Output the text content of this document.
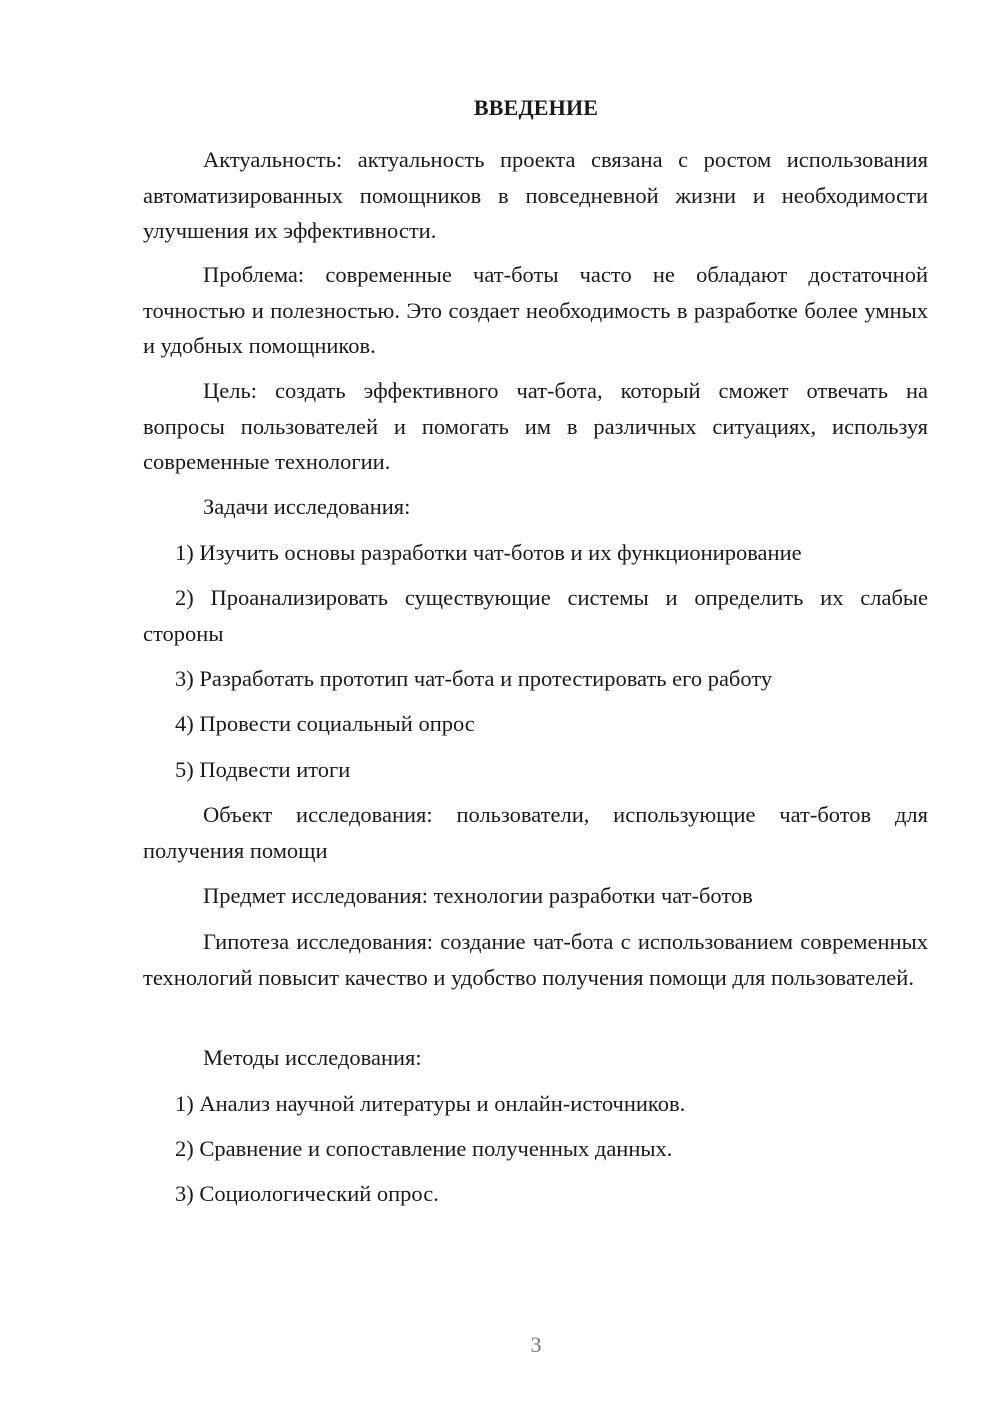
ВВЕДЕНИЕ
Актуальность: актуальность проекта связана с ростом использования автоматизированных помощников в повседневной жизни и необходимости улучшения их эффективности.
Проблема: современные чат-боты часто не обладают достаточной точностью и полезностью. Это создает необходимость в разработке более умных и удобных помощников.
Цель: создать эффективного чат-бота, который сможет отвечать на вопросы пользователей и помогать им в различных ситуациях, используя современные технологии.
Задачи исследования:
1) Изучить основы разработки чат-ботов и их функционирование
2) Проанализировать существующие системы и определить их слабые стороны
3) Разработать прототип чат-бота и протестировать его работу
4) Провести социальный опрос
5) Подвести итоги
Объект исследования: пользователи, использующие чат-ботов для получения помощи
Предмет исследования: технологии разработки чат-ботов
Гипотеза исследования: создание чат-бота с использованием современных технологий повысит качество и удобство получения помощи для пользователей.
Методы исследования:
1) Анализ научной литературы и онлайн-источников.
2) Сравнение и сопоставление полученных данных.
3) Социологический опрос.
3
